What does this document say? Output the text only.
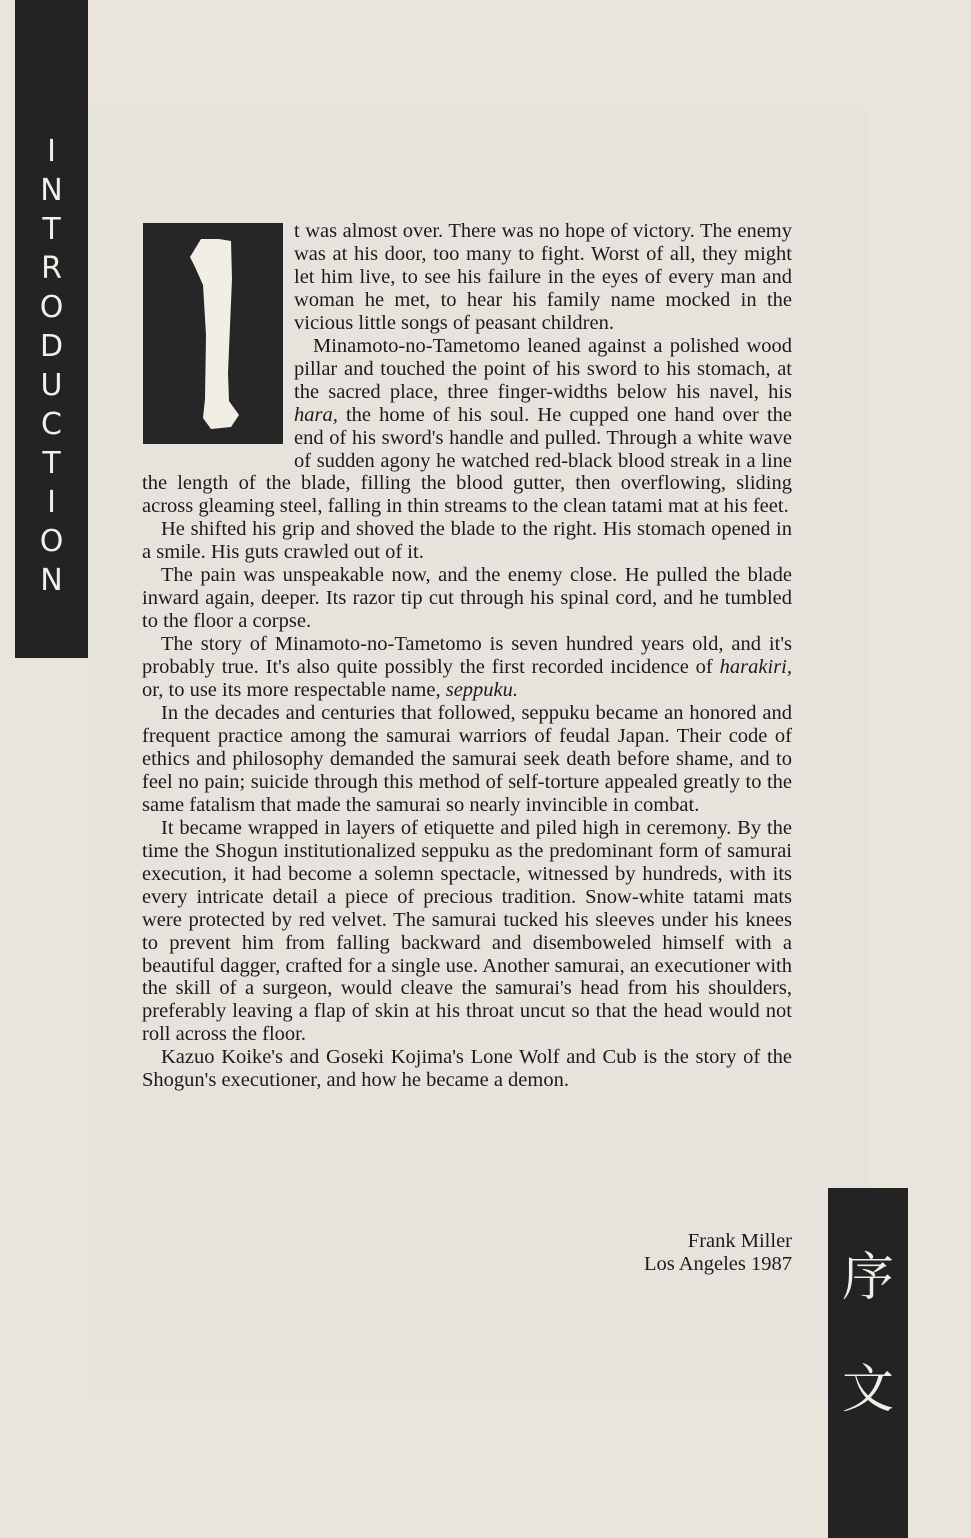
I
N
T
R
O
D
U
C
T
I
O
N
序
文

t was almost over. There was no hope of victory. The enemy was at his door, too many to fight. Worst of all, they might let him live, to see his failure in the eyes of every man and woman he met, to hear his family name mocked in the vicious little songs of peasant children.

Minamoto-no-Tametomo leaned against a polished wood pillar and touched the point of his sword to his stomach, at the sacred place, three finger-widths below his navel, his hara, the home of his soul. He cupped one hand over the end of his sword's handle and pulled. Through a white wave of sudden agony he watched red-black blood streak in a line the length of the blade, filling the blood gutter, then overflowing, sliding across gleaming steel, falling in thin streams to the clean tatami mat at his feet.

He shifted his grip and shoved the blade to the right. His stomach opened in a smile. His guts crawled out of it.

The pain was unspeakable now, and the enemy close. He pulled the blade inward again, deeper. Its razor tip cut through his spinal cord, and he tumbled to the floor a corpse.

The story of Minamoto-no-Tametomo is seven hundred years old, and it's probably true. It's also quite possibly the first recorded incidence of harakiri, or, to use its more respectable name, seppuku.

In the decades and centuries that followed, seppuku became an honored and frequent practice among the samurai warriors of feudal Japan. Their code of ethics and philosophy demanded the samurai seek death before shame, and to feel no pain; suicide through this method of self-torture appealed greatly to the same fatalism that made the samurai so nearly invincible in combat.

It became wrapped in layers of etiquette and piled high in ceremony. By the time the Shogun institutionalized seppuku as the predominant form of samurai execution, it had become a solemn spectacle, witnessed by hundreds, with its every intricate detail a piece of precious tradition. Snow-white tatami mats were protected by red velvet. The samurai tucked his sleeves under his knees to prevent him from falling backward and disemboweled himself with a beautiful dagger, crafted for a single use. Another samurai, an executioner with the skill of a surgeon, would cleave the samurai's head from his shoulders, preferably leaving a flap of skin at his throat uncut so that the head would not roll across the floor.

Kazuo Koike's and Goseki Kojima's Lone Wolf and Cub is the story of the Shogun's executioner, and how he became a demon.

Frank Miller
Los Angeles 1987
